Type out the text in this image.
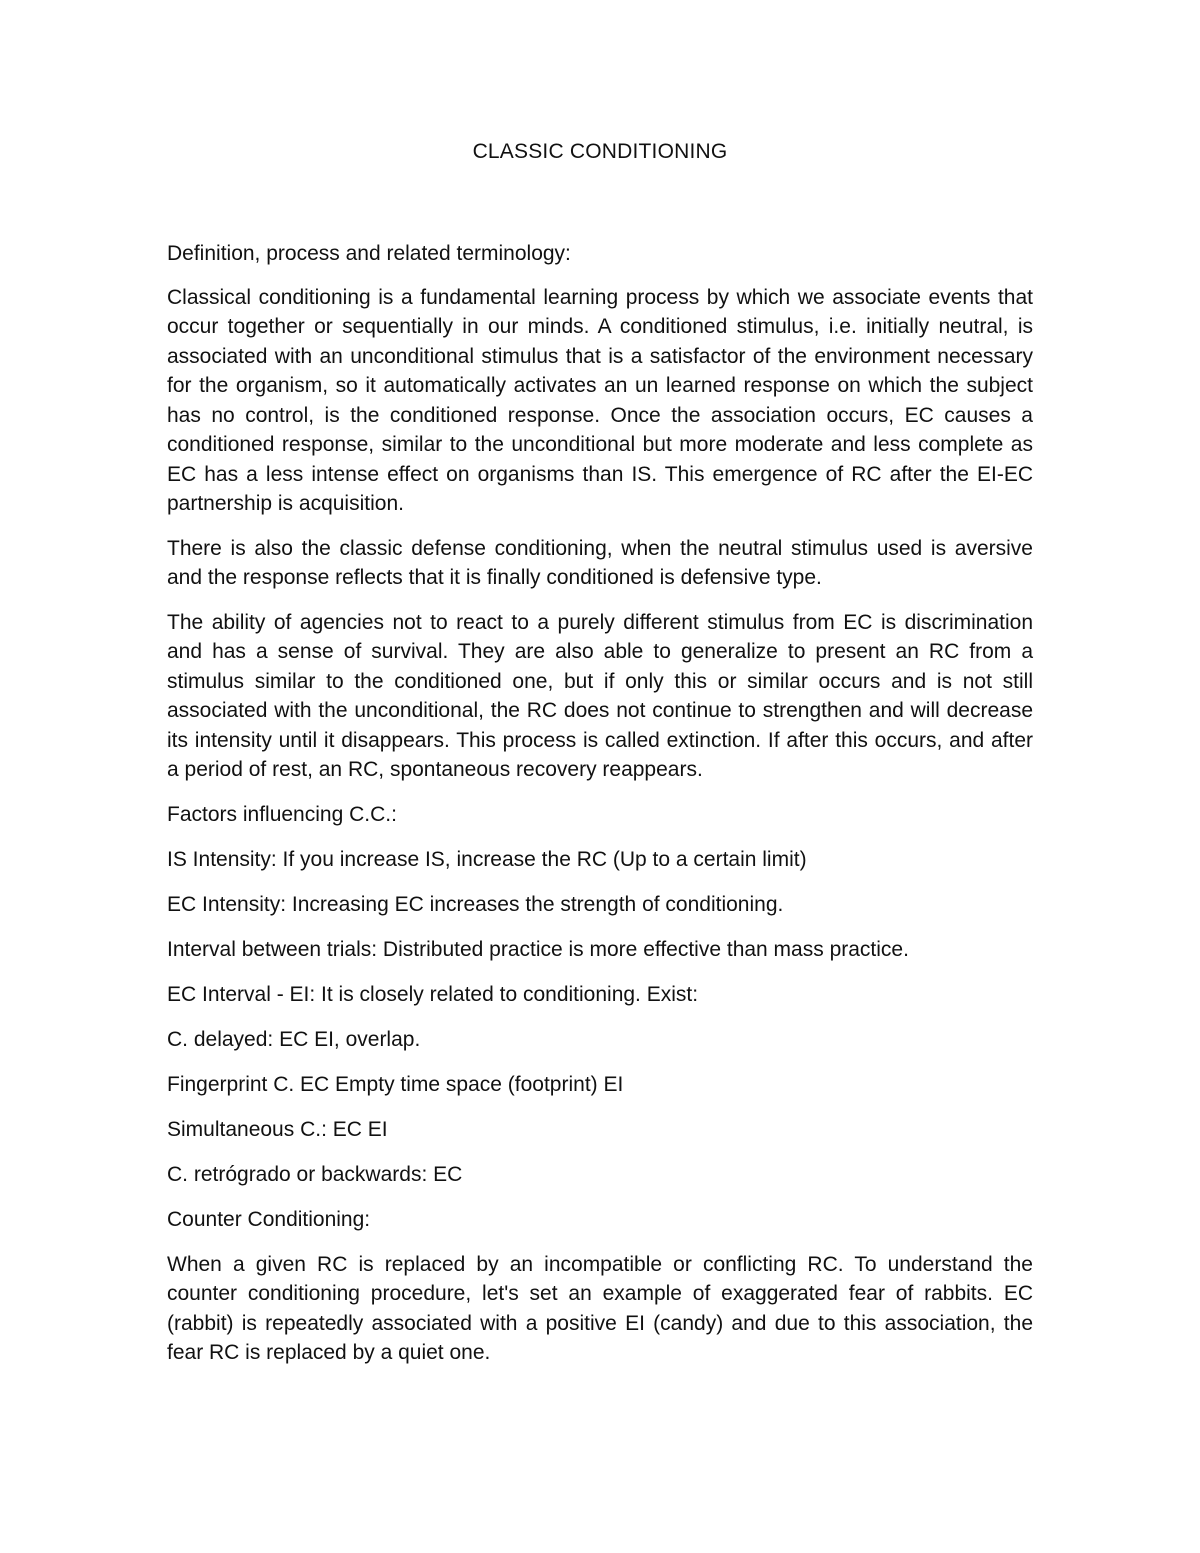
CLASSIC CONDITIONING
Definition, process and related terminology:

Classical conditioning is a fundamental learning process by which we associate events that occur together or sequentially in our minds. A conditioned stimulus, i.e. initially neutral, is associated with an unconditional stimulus that is a satisfactor of the environment necessary for the organism, so it automatically activates an un learned response on which the subject has no control, is the conditioned response. Once the association occurs, EC causes a conditioned response, similar to the unconditional but more moderate and less complete as EC has a less intense effect on organisms than IS. This emergence of RC after the EI-EC partnership is acquisition.

There is also the classic defense conditioning, when the neutral stimulus used is aversive and the response reflects that it is finally conditioned is defensive type.

The ability of agencies not to react to a purely different stimulus from EC is discrimination and has a sense of survival. They are also able to generalize to present an RC from a stimulus similar to the conditioned one, but if only this or similar occurs and is not still associated with the unconditional, the RC does not continue to strengthen and will decrease its intensity until it disappears. This process is called extinction. If after this occurs, and after a period of rest, an RC, spontaneous recovery reappears.

Factors influencing C.C.:

IS Intensity: If you increase IS, increase the RC (Up to a certain limit)

EC Intensity: Increasing EC increases the strength of conditioning.

Interval between trials: Distributed practice is more effective than mass practice.

EC Interval - EI: It is closely related to conditioning. Exist:

C. delayed: EC EI, overlap.

Fingerprint C. EC Empty time space (footprint) EI

Simultaneous C.: EC EI

C. retrógrado or backwards: EC

Counter Conditioning:

When a given RC is replaced by an incompatible or conflicting RC. To understand the counter conditioning procedure, let's set an example of exaggerated fear of rabbits. EC (rabbit) is repeatedly associated with a positive EI (candy) and due to this association, the fear RC is replaced by a quiet one.
